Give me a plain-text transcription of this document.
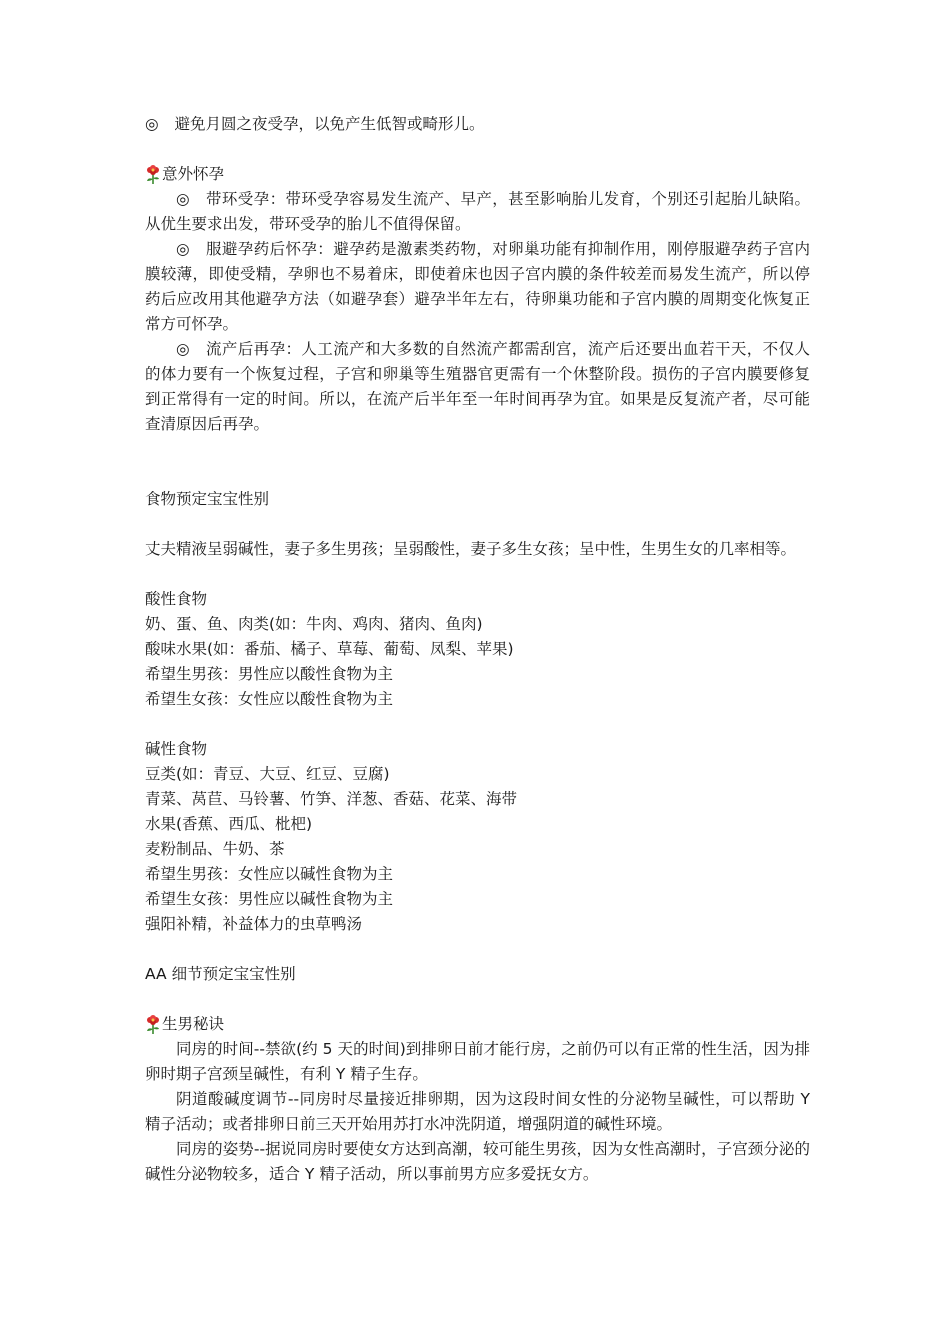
◎ 避免月圆之夜受孕，以免产生低智或畸形儿。

意外怀孕

◎ 带环受孕：带环受孕容易发生流产、早产，甚至影响胎儿发育，个别还引起胎儿缺陷。从优生要求出发，带环受孕的胎儿不值得保留。

◎ 服避孕药后怀孕：避孕药是激素类药物，对卵巢功能有抑制作用，刚停服避孕药子宫内膜较薄，即使受精，孕卵也不易着床，即使着床也因子宫内膜的条件较差而易发生流产，所以停药后应改用其他避孕方法（如避孕套）避孕半年左右，待卵巢功能和子宫内膜的周期变化恢复正常方可怀孕。

◎ 流产后再孕：人工流产和大多数的自然流产都需刮宫，流产后还要出血若干天，不仅人的体力要有一个恢复过程，子宫和卵巢等生殖器官更需有一个休整阶段。损伤的子宫内膜要修复到正常得有一定的时间。所以，在流产后半年至一年时间再孕为宜。如果是反复流产者，尽可能查清原因后再孕。

食物预定宝宝性别

丈夫精液呈弱碱性，妻子多生男孩；呈弱酸性，妻子多生女孩；呈中性，生男生女的几率相等。

酸性食物

奶、蛋、鱼、肉类(如：牛肉、鸡肉、猪肉、鱼肉)

酸味水果(如：番茄、橘子、草莓、葡萄、凤梨、苹果)

希望生男孩：男性应以酸性食物为主

希望生女孩：女性应以酸性食物为主

碱性食物

豆类(如：青豆、大豆、红豆、豆腐)

青菜、莴苣、马铃薯、竹笋、洋葱、香菇、花菜、海带

水果(香蕉、西瓜、枇杷)

麦粉制品、牛奶、茶

希望生男孩：女性应以碱性食物为主

希望生女孩：男性应以碱性食物为主

强阳补精，补益体力的虫草鸭汤

AA 细节预定宝宝性别

生男秘诀

同房的时间--禁欲(约 5 天的时间)到排卵日前才能行房，之前仍可以有正常的性生活，因为排卵时期子宫颈呈碱性，有利 Y 精子生存。

阴道酸碱度调节--同房时尽量接近排卵期，因为这段时间女性的分泌物呈碱性，可以帮助 Y 精子活动；或者排卵日前三天开始用苏打水冲洗阴道，增强阴道的碱性环境。

同房的姿势--据说同房时要使女方达到高潮，较可能生男孩，因为女性高潮时，子宫颈分泌的碱性分泌物较多，适合 Y 精子活动，所以事前男方应多爱抚女方。
